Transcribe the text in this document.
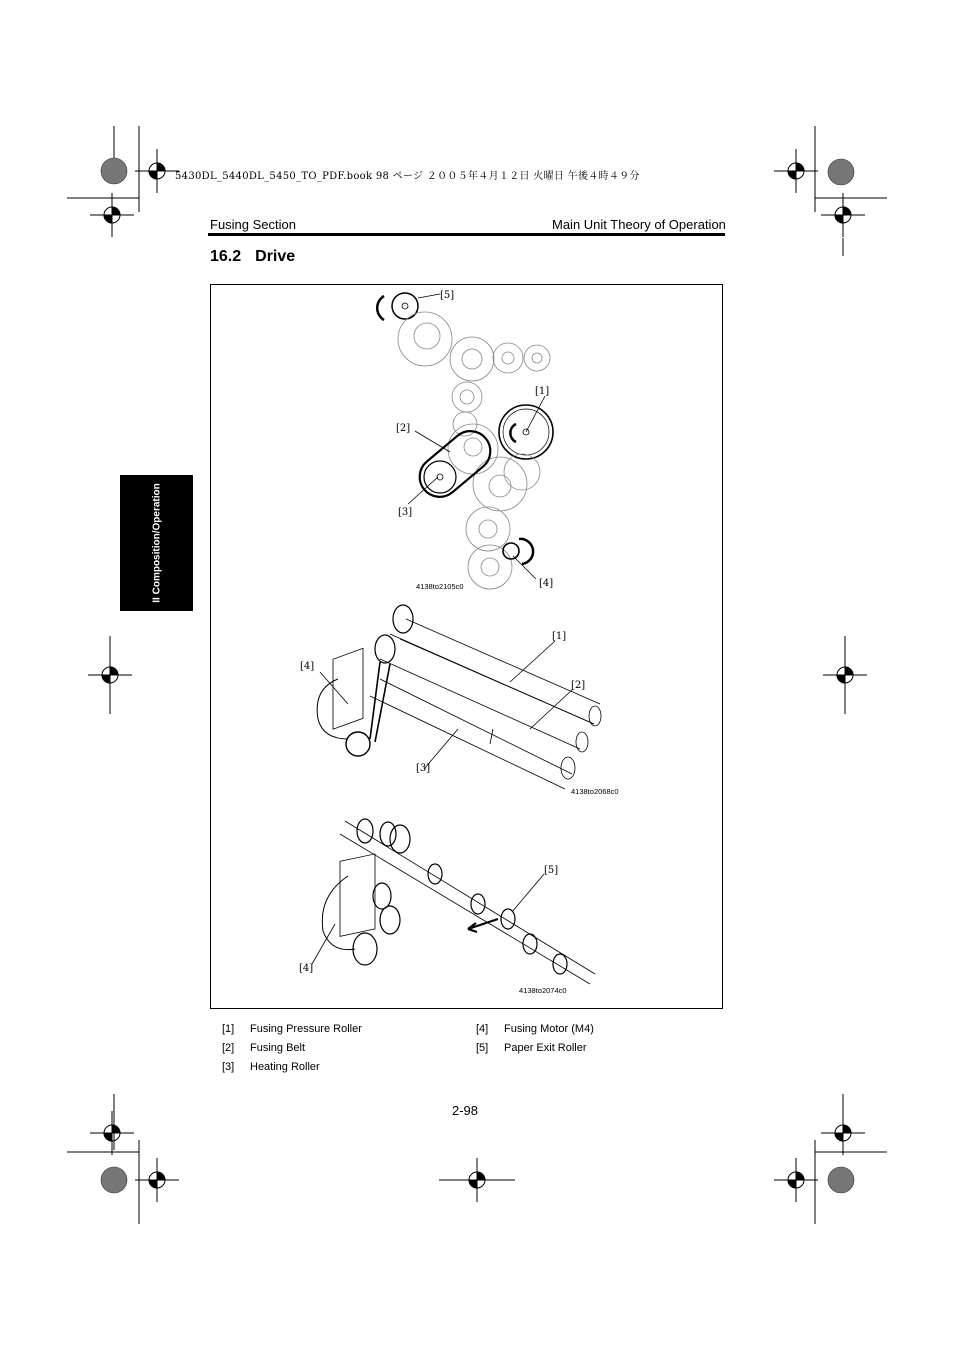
5430DL_5440DL_5450_TO_PDF.book 98 ページ ２００５年４月１２日 火曜日 午後４時４９分
Fusing Section	Main Unit Theory of Operation
16.2 Drive
II Composition/Operation
[5]
[1]
[2]
[3]
[4]
[1]
[4]
[2]
[3]
[5]
[4]
4138to2105c0
4138to2068c0
4138to2074c0
[1] Fusing Pressure Roller
[2] Fusing Belt
[3] Heating Roller
[4] Fusing Motor (M4)
[5] Paper Exit Roller
2-98
